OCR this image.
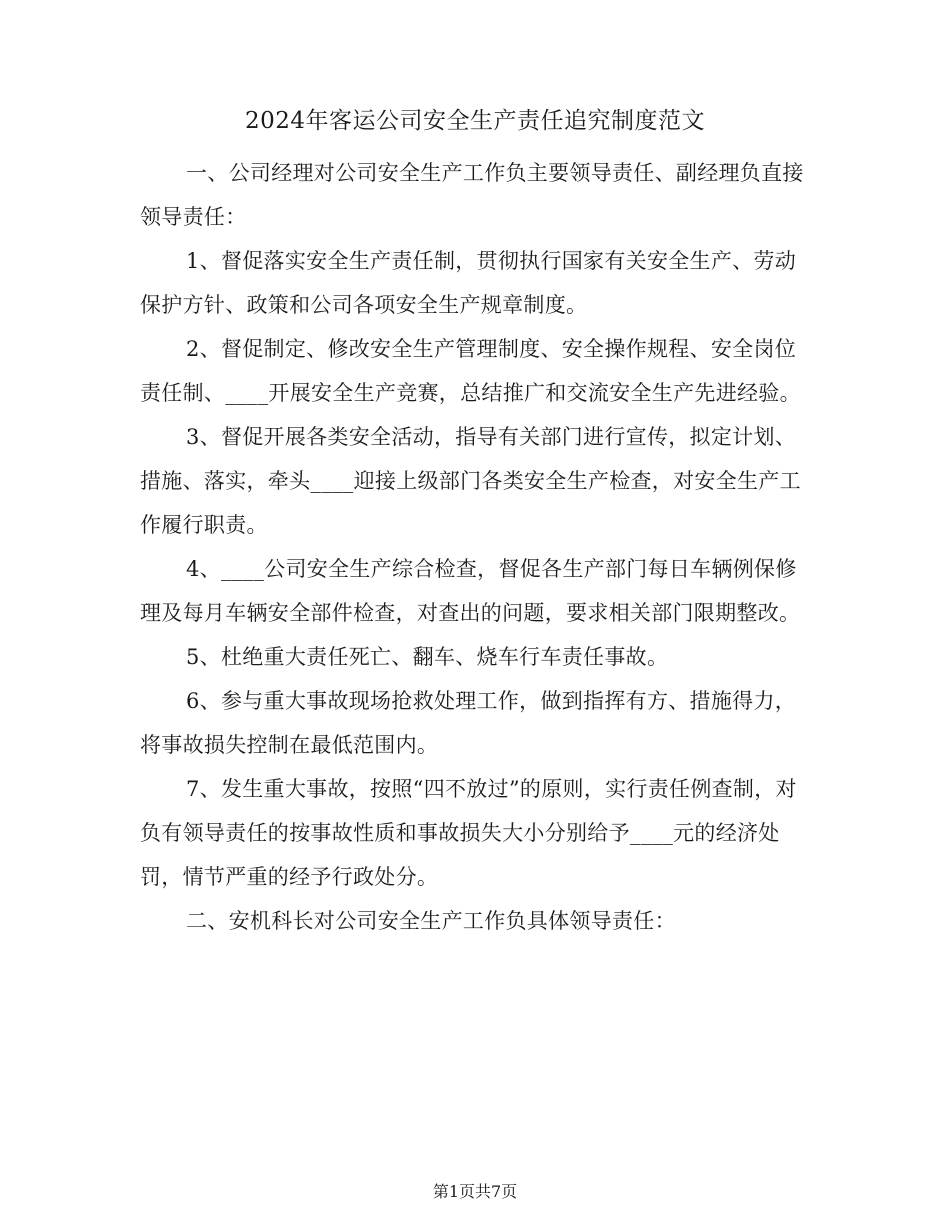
2024年客运公司安全生产责任追究制度范文

一、公司经理对公司安全生产工作负主要领导责任、副经理负直接领导责任：

1、督促落实安全生产责任制，贯彻执行国家有关安全生产、劳动保护方针、政策和公司各项安全生产规章制度。

2、督促制定、修改安全生产管理制度、安全操作规程、安全岗位责任制、____开展安全生产竞赛，总结推广和交流安全生产先进经验。

3、督促开展各类安全活动，指导有关部门进行宣传，拟定计划、措施、落实，牵头____迎接上级部门各类安全生产检查，对安全生产工作履行职责。

4、____公司安全生产综合检查，督促各生产部门每日车辆例保修理及每月车辆安全部件检查，对查出的问题，要求相关部门限期整改。

5、杜绝重大责任死亡、翻车、烧车行车责任事故。

6、参与重大事故现场抢救处理工作，做到指挥有方、措施得力，将事故损失控制在最低范围内。

7、发生重大事故，按照“四不放过”的原则，实行责任例查制，对负有领导责任的按事故性质和事故损失大小分别给予____元的经济处罚，情节严重的经予行政处分。

二、安机科长对公司安全生产工作负具体领导责任：

第1页共7页
